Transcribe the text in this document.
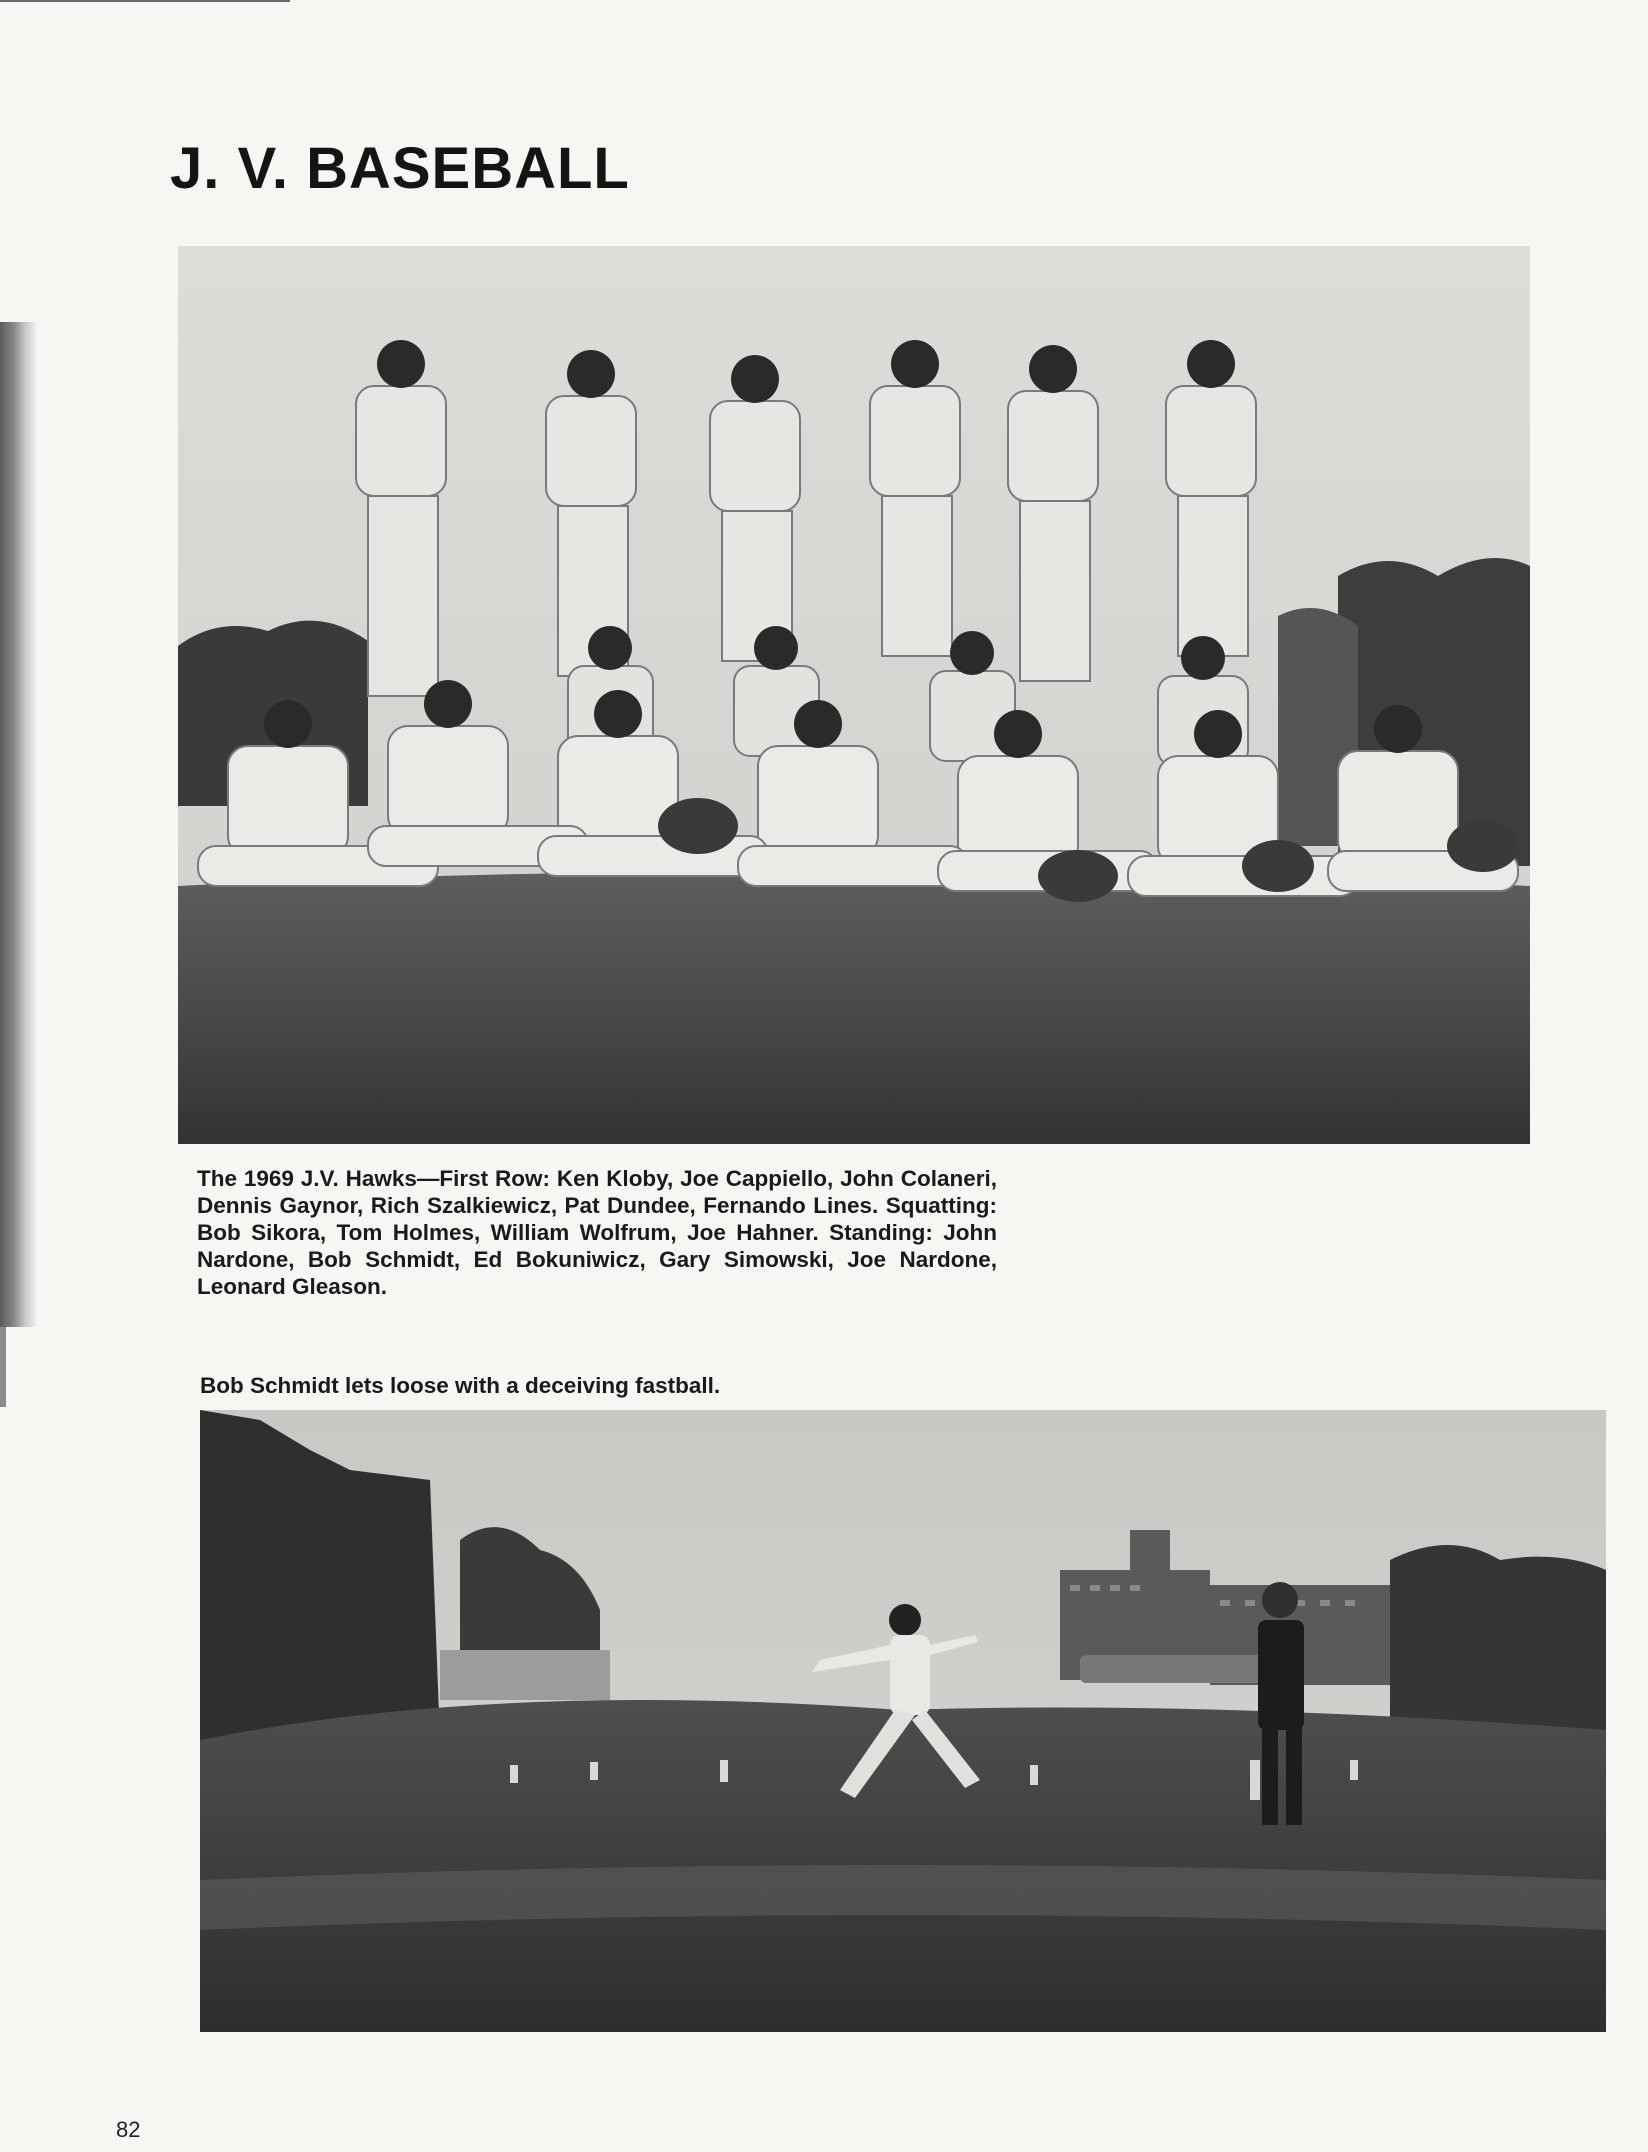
J. V. BASEBALL

The 1969 J.V. Hawks—First Row: Ken Kloby, Joe Cappiello, John Colaneri, Dennis Gaynor, Rich Szalkiewicz, Pat Dundee, Fernando Lines. Squatting: Bob Sikora, Tom Holmes, William Wolfrum, Joe Hahner. Standing: John Nardone, Bob Schmidt, Ed Bokuniwicz, Gary Simowski, Joe Nardone, Leonard Gleason.

Bob Schmidt lets loose with a deceiving fastball.

82
